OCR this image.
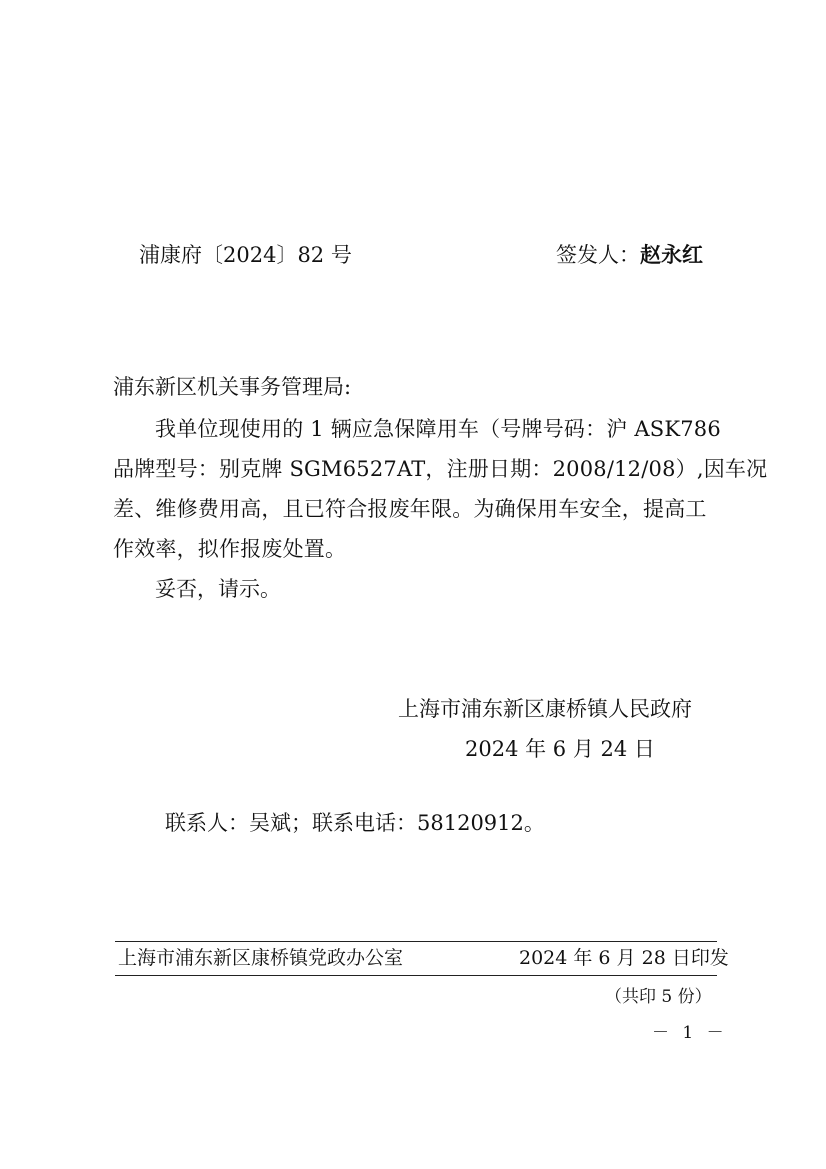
浦康府〔2024〕82 号	签发人：赵永红
浦东新区机关事务管理局:
我单位现使用的 1 辆应急保障用车（号牌号码：沪 ASK786
品牌型号：别克牌 SGM6527AT，注册日期：2008/12/08）,因车况
差、维修费用高，且已符合报废年限。为确保用车安全，提高工
作效率，拟作报废处置。
妥否，请示。
上海市浦东新区康桥镇人民政府
2024 年 6 月 24 日
联系人：吴斌；联系电话：58120912。
上海市浦东新区康桥镇党政办公室	2024 年 6 月 28 日印发
（共印 5 份）
－ 1 －
